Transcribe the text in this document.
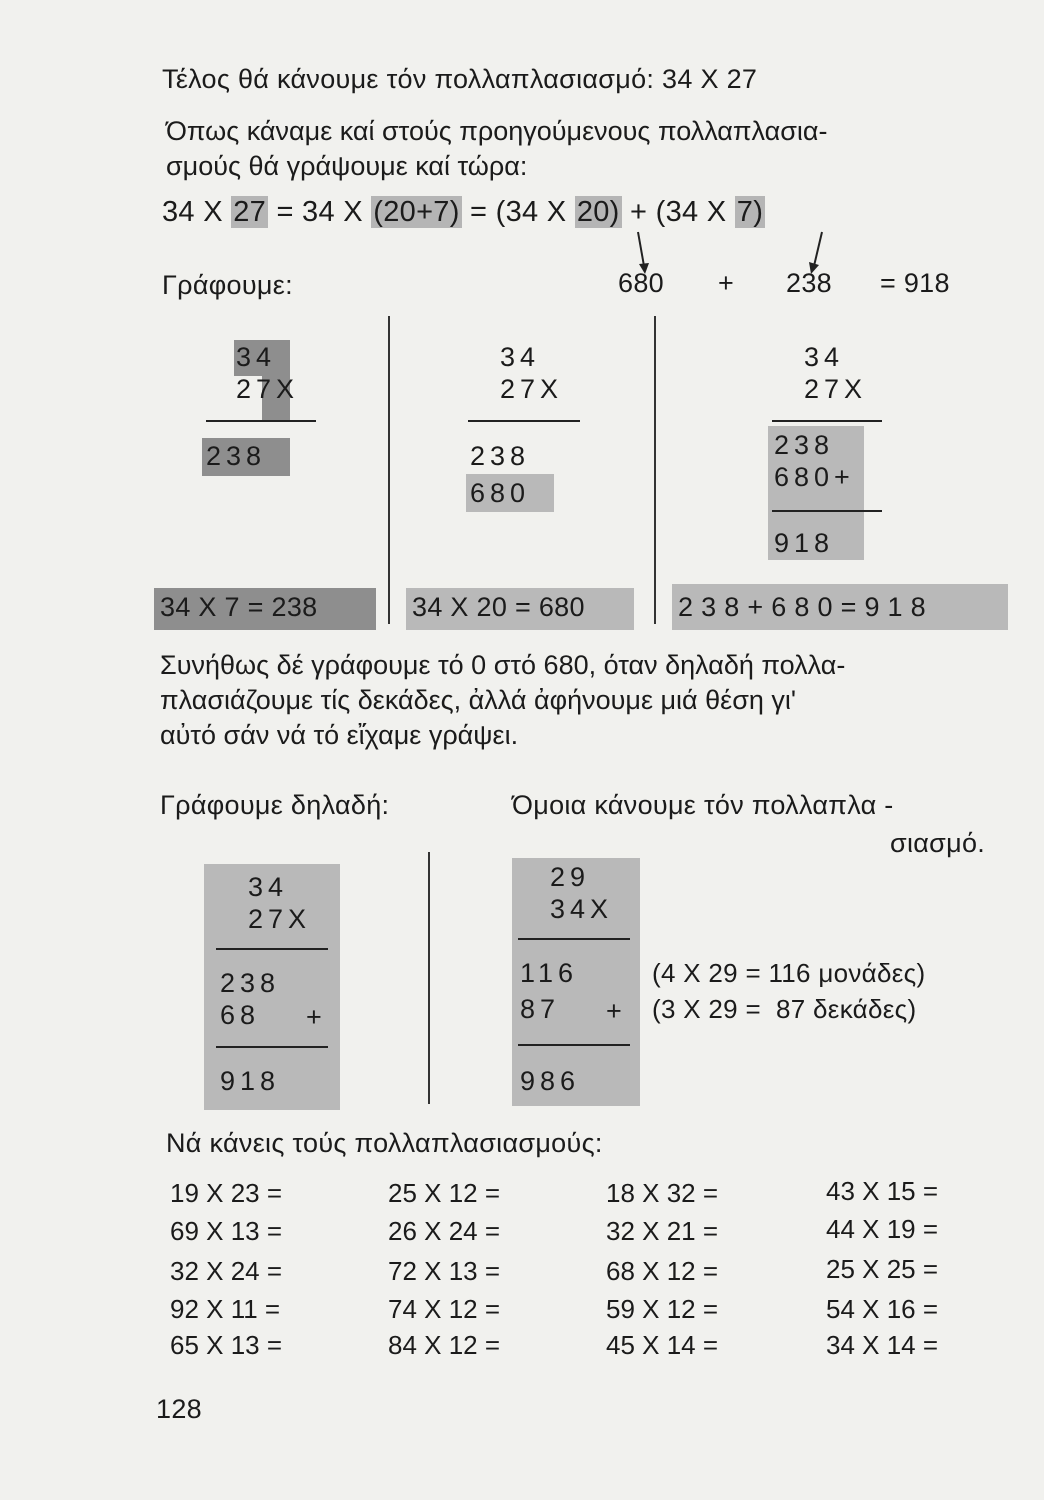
Τέλος θά κάνουμε τόν πολλαπλασιασμό: 34 Χ 27
Όπως κάναμε καί στούς προηγούμενους πολλαπλασια-
σμούς θά γράψουμε καί τώρα:
34 Χ 27 = 34 Χ (20+7) = (34 Χ 20) + (34 Χ 7)
Γράφουμε:	680 + 238 = 918
34
27Χ
238
34 Χ 7 = 238
34
27Χ
238
680
34 Χ 20 = 680
34
27Χ
238
680+
918
2 3 8 + 6 8 0 = 9 1 8
Συνήθως δέ γράφουμε τό 0 στό 680, όταν δηλαδή πολλα-
πλασιάζουμε τίς δεκάδες, ἀλλά ἀφήνουμε μιά θέση γι'
αὐτό σάν νά τό εἴχαμε γράψει.
Γράφουμε δηλαδή:	Όμοια κάνουμε τόν πολλαπλα -
σιασμό.
34
27Χ
238
68 +
918
29
34Χ
116
87 +
986
(4 Χ 29 = 116 μονάδες)
(3 Χ 29 =  87 δεκάδες)
Νά κάνεις τούς πολλαπλασιασμούς:
19 Χ 23 =	25 Χ 12 =	18 Χ 32 =	43 Χ 15 =
69 Χ 13 =	26 Χ 24 =	32 Χ 21 =	44 Χ 19 =
32 Χ 24 =	72 Χ 13 =	68 Χ 12 =	25 Χ 25 =
92 Χ 11 =	74 Χ 12 =	59 Χ 12 =	54 Χ 16 =
65 Χ 13 =	84 Χ 12 =	45 Χ 14 =	34 Χ 14 =
128
